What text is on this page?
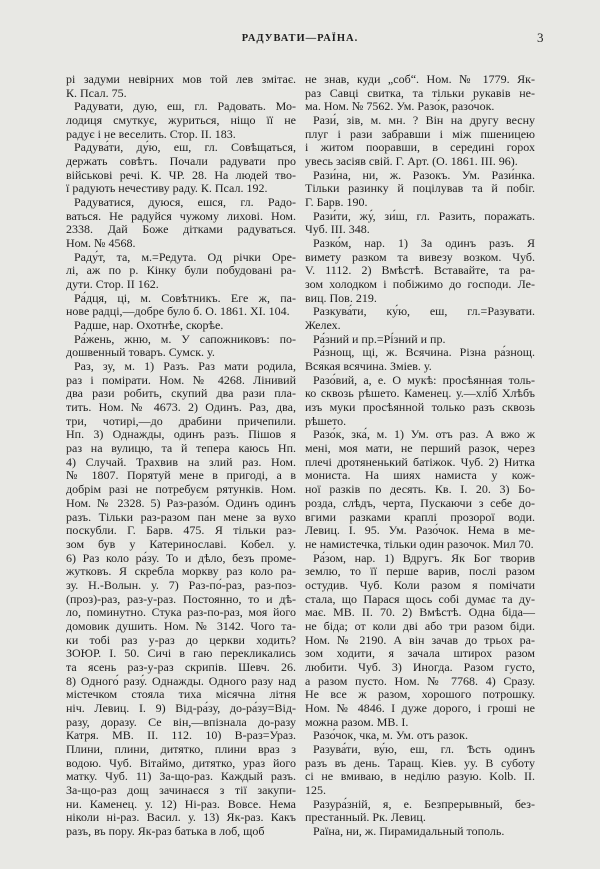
РАДУВАТИ—РАЇНА.	3
рі задуми невірних мов той лев змітає.
К. Псал. 75.
Радувати, дую, еш, гл. Радовать. Мо-
лодиця смуткує, журиться, ніщо її не
радує і не веселить. Стор. II. 183.
Радува́ти, ду́ю, еш, гл. Совѣщаться,
держать совѣтъ. Почали радувати про
військові речі. К. ЧР. 28. На людей тво-
ї радують нечестиву раду. К. Псал. 192.
Радуватися, дуюся, ешся, гл. Радо-
ваться. Не радуйся чужому лихові. Ном.
2338. Дай Боже дітками радуваться.
Ном. № 4568.
Раду́т, та, м.=Редута. Од річки Оре-
лі, аж по р. Кінку були побудовані ра-
дути. Стор. II 162.
Ра́дця, ці, м. Совѣтникъ. Еге ж, па-
нове радці,—добре було б. О. 1861. XI. 104.
Радше, нар. Охотнѣе, скорѣе.
Ра́жень, жню, м. У сапожниковъ: по-
дошвенный товаръ. Сумск. у.
Раз, зу, м. 1) Разъ. Раз мати родила,
раз і помірати. Ном. № 4268. Лінивий
два рази робить, скупий два рази пла-
тить. Ном. № 4673. 2) Одинъ. Раз, два,
три, чотирі,—до драбини причепили.
Нп. 3) Однажды, одинъ разъ. Пішов я
раз на вулицю, та й тепера каюсь Нп.
4) Случай. Трахвив на злий раз. Ном.
№ 1807. Порятуй мене в пригоді, а в
добрім разі не потребуєм рятунків. Ном.
Ном. № 2328. 5) Раз-разо́м. Одинъ одинъ
разъ. Тільки раз-разом пан мене за вухо
поскубли. Г. Барв. 475. Я тільки раз-
зом був у Катеринославі. Кобел. у.
6) Раз коло ра́зу. То и дѣло, безъ проме-
жутковъ. Я скребла моркву раз коло ра-
зу. Н.-Волын. у. 7) Раз-по́-раз, раз-поз-
(проз)-раз, раз-у-раз. Постоянно, то и дѣ-
ло, поминутно. Стука раз-по-раз, моя його
домовик душить. Ном. № 3142. Чого та-
ки тобі раз у-раз до церкви ходить?
ЗОЮР. I. 50. Сичі в гаю перекликались
та ясень раз-у-раз скрипів. Шевч. 26.
8) Одного́ разу́. Однажды. Одного разу над
містечком стояла тиха місячна літня
ніч. Левиц. I. 9) Від-ра́зу, до-ра́зу=Від-
разу, доразу. Се він,—впізнала до-разу
Катря. МВ. II. 112. 10) В-раз=Ураз.
Плини, плини, дитятко, плини враз з
водою. Чуб. Вітаймо, дитятко, ураз його
матку. Чуб. 11) За-що-раз. Каждый разъ.
За-що-раз дощ зачинаєся з тії закупи-
ни. Каменец. у. 12) Ні-раз. Вовсе. Нема
ніколи ні-раз. Васил. у. 13) Як-раз. Какъ
разъ, въ пору. Як-раз батька в лоб, щоб
не знав, куди „соб“. Ном. № 1779. Як-
раз Савці свитка, та тільки рукавів не-
ма. Ном. № 7562. Ум. Разо́к, разо́чок.
Рази́, зів, м. мн. ? Він на другу весну
плуг і рази забравши і між пшеницею
і житом пооравши, в середині горох
увесь засіяв свій. Г. Арт. (О. 1861. III. 96).
Рази́на, ни, ж. Разокъ. Ум. Рази́нка.
Тільки разинку й поцілував та й побіг.
Г. Барв. 190.
Рази́ти, жу́, зи́ш, гл. Разить, поражать.
Чуб. III. 348.
Разко́м, нар. 1) За одинъ разъ. Я
вимету разком та вивезу возком. Чуб.
V. 1112. 2) Вмѣстѣ. Вставайте, та ра-
зом холодком і побіжимо до господи. Ле-
виц. Пов. 219.
Разкува́ти, ку́ю, еш, гл.=Разувати.
Желех.
Ра́зний и пр.=Рі́зний и пр.
Ра́знощ, щі, ж. Всячина. Різна ра́знощ.
Всякая всячина. Зміев. у.
Разо́вий, а, е. О мукѣ: просѣянная толь-
ко сквозь рѣшето. Каменец. у.—хлі́б Хлѣбъ
изъ муки просѣянной только разъ сквозь
рѣшето.
Разо́к, зка́, м. 1) Ум. отъ раз. А вжо ж
мені, моя мати, не перший разок, через
плечі дротяненький батіжок. Чуб. 2) Нитка
мониста. На шиях намиста у кож-
ної разків по десять. Кв. I. 20. 3) Бо-
розда, слѣдъ, черта, Пускаючи з себе до-
вгими разками краплі прозорої води.
Левиц. I. 95. Ум. Разо́чок. Нема в ме-
не намистечка, тільки один разочок. Мил 70.
Ра́зом, нар. 1) Вдругъ. Як Бог творив
землю, то її перше варив, послі разом
остудив. Чуб. Коли разом я помічати
стала, що Парася щось собі думає та ду-
має. МВ. II. 70. 2) Вмѣстѣ. Одна біда—
не біда; от коли дві або три разом біди.
Ном. № 2190. А він зачав до трьох ра-
зом ходити, я зачала штирох разом
любити. Чуб. 3) Иногда. Разом густо,
а разом пусто. Ном. № 7768. 4) Сразу.
Не все ж разом, хорошого потрошку.
Ном. № 4846. І дуже дорого, і гроші не
можна разом. МВ. I.
Разо́чок, чка, м. Ум. отъ разок.
Разува́ти, ву́ю, еш, гл. Ѣсть одинъ
разъ въ день. Таращ. Кіев. уу. В суботу
сі не вмиваю, в неділю разую. Kolb. II.
125.
Разура́зній, я, е. Безпрерывный, без-
престанный. Рк. Левиц.
Раїна, ни, ж. Пирамидальный тополь.
